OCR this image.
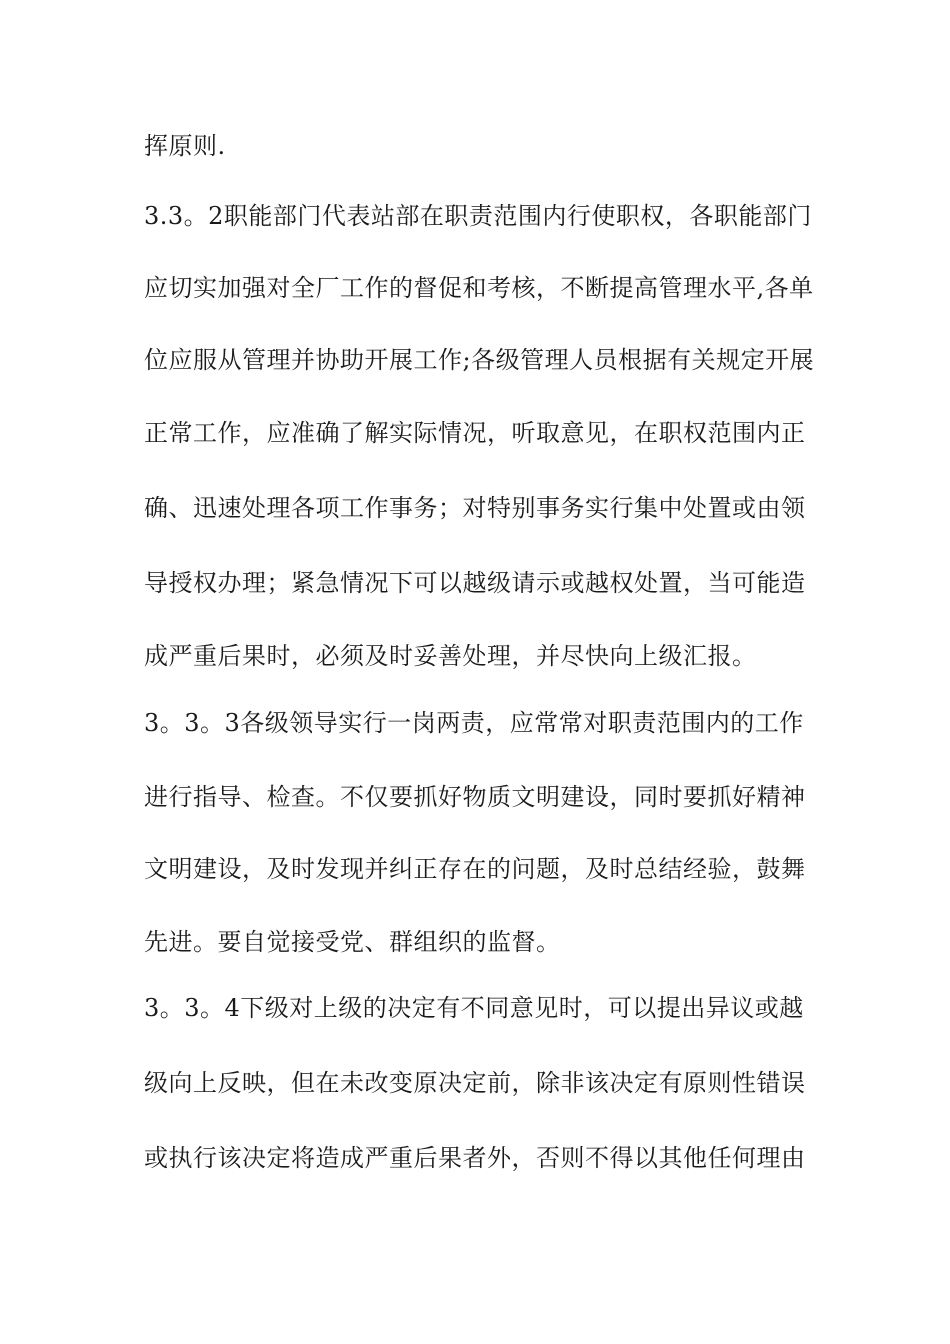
挥原则.
3.3。2职能部门代表站部在职责范围内行使职权，各职能部门
应切实加强对全厂工作的督促和考核，不断提高管理水平,各单
位应服从管理并协助开展工作;各级管理人员根据有关规定开展
正常工作，应准确了解实际情况，听取意见，在职权范围内正
确、迅速处理各项工作事务；对特别事务实行集中处置或由领
导授权办理；紧急情况下可以越级请示或越权处置，当可能造
成严重后果时，必须及时妥善处理，并尽快向上级汇报。
3。3。3各级领导实行一岗两责，应常常对职责范围内的工作
进行指导、检查。不仅要抓好物质文明建设，同时要抓好精神
文明建设，及时发现并纠正存在的问题，及时总结经验，鼓舞
先进。要自觉接受党、群组织的监督。
3。3。4下级对上级的决定有不同意见时，可以提出异议或越
级向上反映，但在未改变原决定前，除非该决定有原则性错误
或执行该决定将造成严重后果者外，否则不得以其他任何理由
